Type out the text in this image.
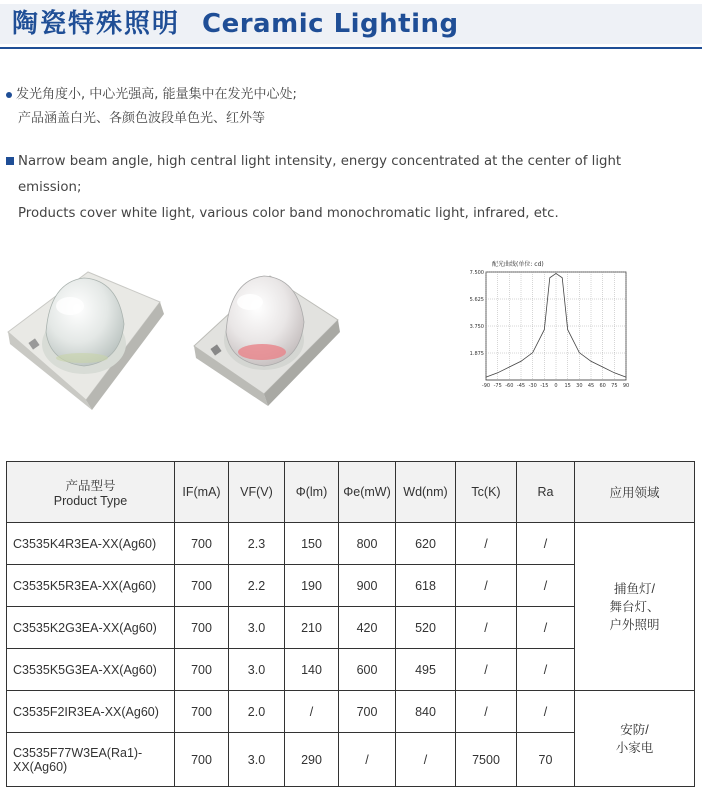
陶瓷特殊照明 Ceramic Lighting
发光角度小, 中心光强高, 能量集中在发光中心处;
产品涵盖白光、各颜色波段单色光、红外等
Narrow beam angle, high central light intensity, energy concentrated at the center of light
emission;
Products cover white light, various color band monochromatic light, infrared, etc.
配光曲线(单位: cd)
-90 -75 -60 -45 -30 -15 0 15 30 45 60 75 90
7.500
5.625
3.750
1.875
产品型号
Product Type	IF(mA)	VF(V)	Φ(lm)	Φe(mW)	Wd(nm)	Tc(K)	Ra	应用领域
C3535K4R3EA-XX(Ag60)	700	2.3	150	800	620	/	/	捕鱼灯/
舞台灯、
户外照明

C3535K5R3EA-XX(Ag60)	700	2.2	190	900	618	/	/	
C3535K2G3EA-XX(Ag60)	700	3.0	210	420	520	/	/	
C3535K5G3EA-XX(Ag60)	700	3.0	140	600	495	/	/	
C3535F2IR3EA-XX(Ag60)	700	2.0	/	700	840	/	/	安防/
小家电

C3535F77W3EA(Ra1)-
XX(Ag60)	700	3.0	290	/	/	7500	70	
